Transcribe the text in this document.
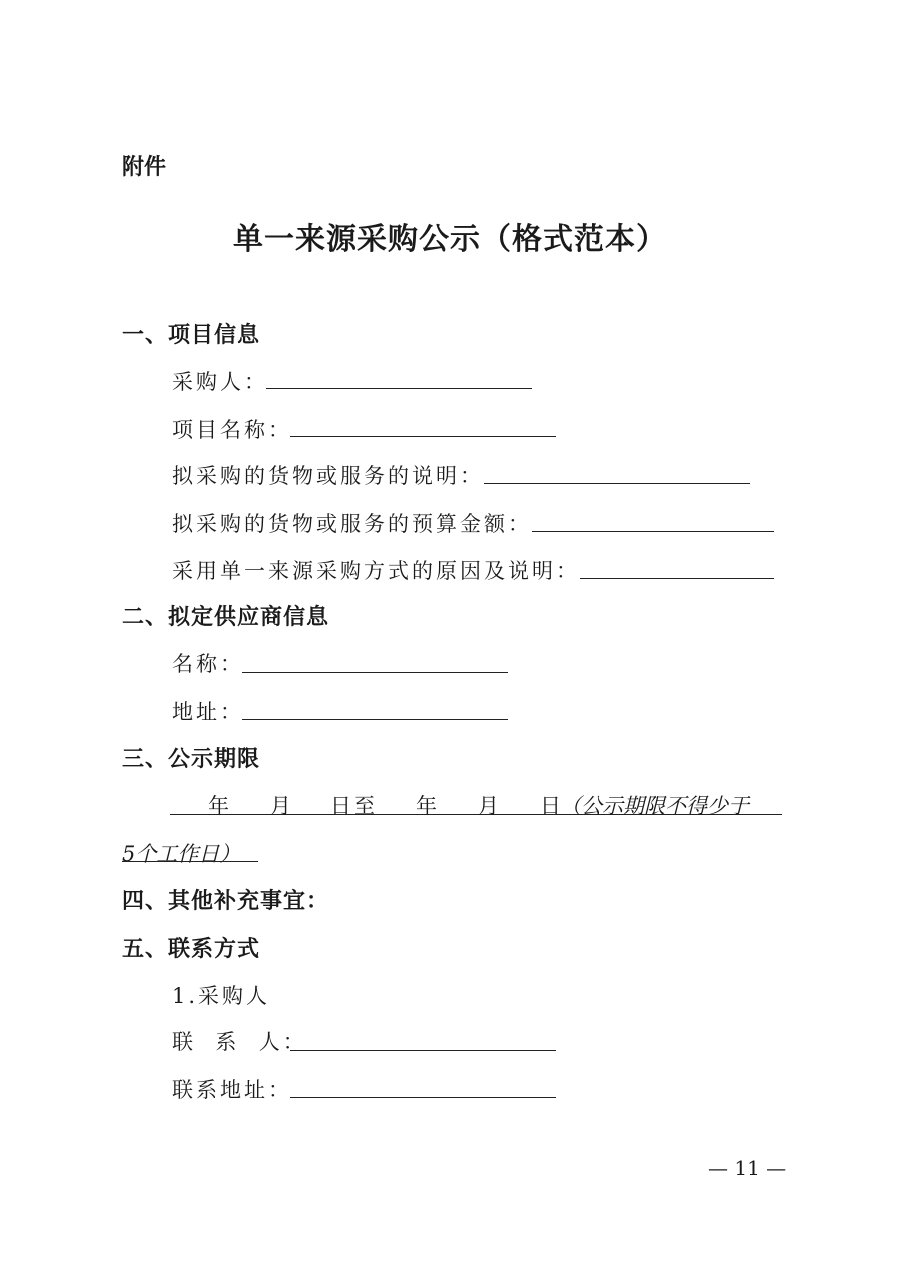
附件
单一来源采购公示（格式范本）
一、项目信息
采购人：
项目名称：
拟采购的货物或服务的说明：
拟采购的货物或服务的预算金额：
采用单一来源采购方式的原因及说明：
二、拟定供应商信息
名称：
地址：
三、公示期限
年 月 日至 年 月 日
（公示期限不得少于
5个工作日）
四、其他补充事宜：
五、联系方式
1.采购人
联  系  人：
联系地址：
— 11 —
